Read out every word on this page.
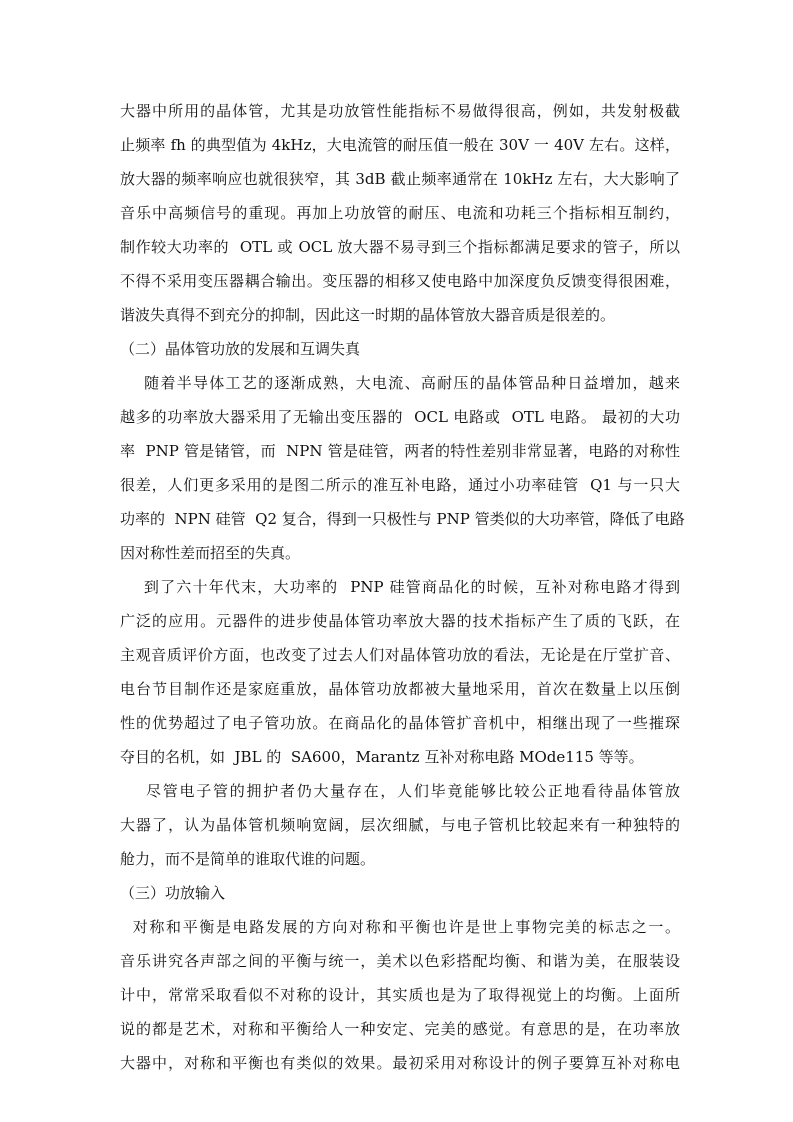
大器中所用的晶体管，尤其是功放管性能指标不易做得很高，例如，共发射极截
止频率 fh 的典型值为 4kHz，大电流管的耐压值一般在 30V 一 40V 左右。这样，
放大器的频率响应也就很狭窄，其 3dB 截止频率通常在 10kHz 左右，大大影响了
音乐中高频信号的重现。再加上功放管的耐压、电流和功耗三个指标相互制约，
制作较大功率的  OTL 或 OCL 放大器不易寻到三个指标都满足要求的管子，所以
不得不采用变压器耦合输出。变压器的相移又使电路中加深度负反馈变得很困难，
谐波失真得不到充分的抑制，因此这一时期的晶体管放大器音质是很差的。
（二）晶体管功放的发展和互调失真
随着半导体工艺的逐渐成熟，大电流、高耐压的晶体管品种日益增加，越来
越多的功率放大器采用了无输出变压器的  OCL 电路或  OTL 电路。 最初的大功
率  PNP 管是锗管，而  NPN 管是硅管，两者的特性差别非常显著，电路的对称性
很差，人们更多采用的是图二所示的准互补电路，通过小功率硅管  Q1 与一只大
功率的  NPN 硅管  Q2 复合，得到一只极性与 PNP 管类似的大功率管，降低了电路
因对称性差而招至的失真。
到了六十年代末，大功率的  PNP 硅管商品化的时候，互补对称电路才得到
广泛的应用。元器件的进步使晶体管功率放大器的技术指标产生了质的飞跃，在
主观音质评价方面，也改变了过去人们对晶体管功放的看法，无论是在厅堂扩音、
电台节目制作还是家庭重放，晶体管功放都被大量地采用，首次在数量上以压倒
性的优势超过了电子管功放。在商品化的晶体管扩音机中，相继出现了一些摧琛
夺目的名机，如  JBL 的  SA600，Marantz 互补对称电路 MOde115 等等。
尽管电子管的拥护者仍大量存在，人们毕竟能够比较公正地看待晶体管放
大器了，认为晶体管机频响宽阔，层次细腻，与电子管机比较起来有一种独特的
舱力，而不是简单的谁取代谁的问题。
（三）功放输入
对称和平衡是电路发展的方向对称和平衡也许是世上事物完美的标志之一。
音乐讲究各声部之间的平衡与统一，美术以色彩搭配均衡、和谐为美，在服装设
计中，常常采取看似不对称的设计，其实质也是为了取得视觉上的均衡。上面所
说的都是艺术，对称和平衡给人一种安定、完美的感觉。有意思的是，在功率放
大器中，对称和平衡也有类似的效果。最初采用对称设计的例子要算互补对称电
